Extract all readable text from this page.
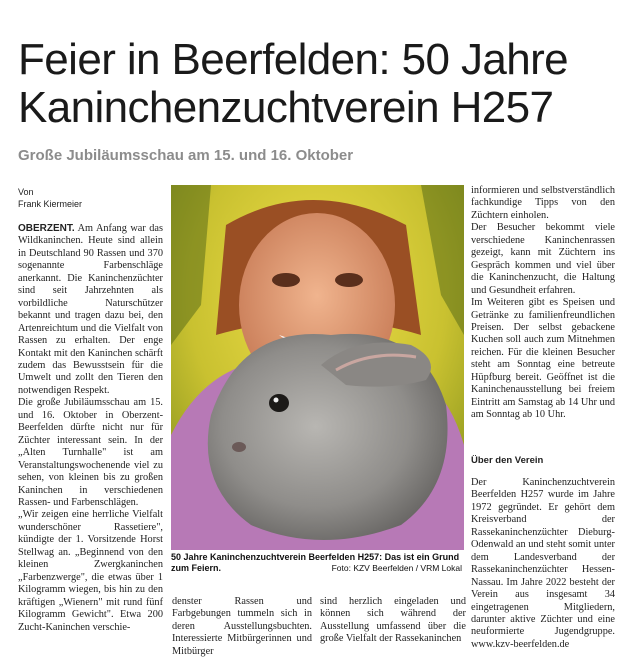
Feier in Beerfelden: 50 Jahre
Kaninchenzuchtverein H257
Große Jubiläumsschau am 15. und 16. Oktober
Von
Frank Kiermeier

OBERZENT. Am Anfang war das Wildkaninchen. Heute sind allein in Deutschland 90 Rassen und 370 sogenannte Farbenschläge anerkannt. Die Kaninchenzüchter sind seit Jahrzehnten als vorbildliche Naturschützer bekannt und tragen dazu bei, den Artenreichtum und die Vielfalt von Rassen zu erhalten. Der enge Kontakt mit den Kaninchen schärft zudem das Bewusstsein für die Umwelt und zollt den Tieren den notwendigen Respekt.

Die große Jubiläumsschau am 15. und 16. Oktober in Oberzent-Beerfelden dürfte nicht nur für Züchter interessant sein. In der „Alten Turnhalle" ist am Veranstaltungswochenende viel zu sehen, von kleinen bis zu großen Kaninchen in verschiedenen Rassen- und Farbenschlägen.

„Wir zeigen eine herrliche Vielfalt wunderschöner Rassetiere", kündigte der 1. Vorsitzende Horst Stellwag an. „Beginnend von den kleinen Zwergkaninchen „Farbenzwerge", die etwas über 1 Kilogramm wiegen, bis hin zu den kräftigen „Wienern" mit rund fünf Kilogramm Gewicht". Etwa 200 Zucht-Kaninchen verschie-

50 Jahre Kaninchenzuchtverein Beerfelden H257: Das ist ein Grund zum Feiern.	Foto: KZV Beerfelden / VRM Lokal

denster Rassen und Farbgebungen tummeln sich in deren Ausstellungsbuchten. Interessierte Mitbürgerinnen und Mitbürger

sind herzlich eingeladen und können sich während der Ausstellung umfassend über die große Vielfalt der Rassekaninchen

informieren und selbstverständlich fachkundige Tipps von den Züchtern einholen.

Der Besucher bekommt viele verschiedene Kaninchenrassen gezeigt, kann mit Züchtern ins Gespräch kommen und viel über die Kaninchenzucht, die Haltung und Gesundheit erfahren.

Im Weiteren gibt es Speisen und Getränke zu familienfreundlichen Preisen. Der selbst gebackene Kuchen soll auch zum Mitnehmen reichen. Für die kleinen Besucher steht am Sonntag eine betreute Hüpfburg bereit. Geöffnet ist die Kaninchenausstellung bei freiem Eintritt am Samstag ab 14 Uhr und am Sonntag ab 10 Uhr.

Über den Verein

Der Kaninchenzuchtverein Beerfelden H257 wurde im Jahre 1972 gegründet. Er gehört dem Kreisverband der Rassekaninchenzüchter Dieburg-Odenwald an und steht somit unter dem Landesverband der Rassekaninchenzüchter Hessen-Nassau. Im Jahre 2022 besteht der Verein aus insgesamt 34 eingetragenen Mitgliedern, darunter aktive Züchter und eine neuformierte Jugendgruppe. www.kzv-beerfelden.de
